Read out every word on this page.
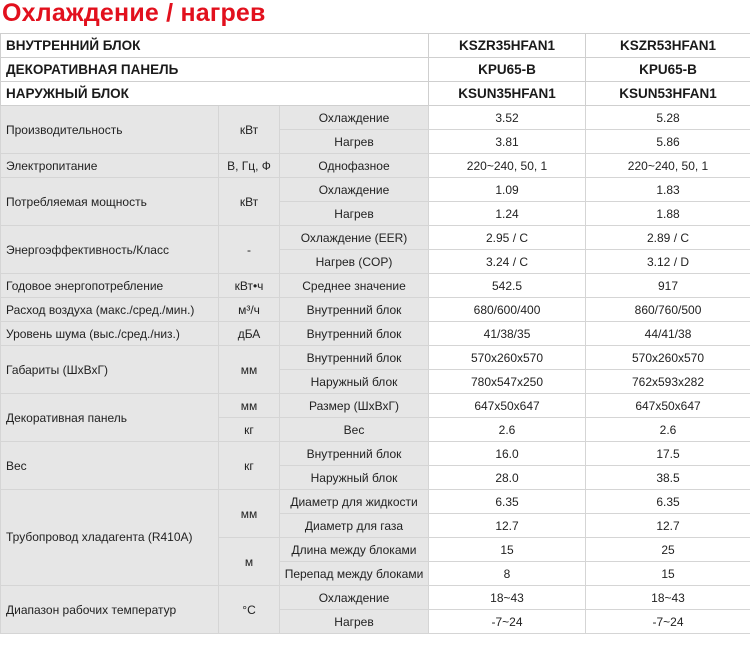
Охлаждение / нагрев
ВНУТРЕННИЙ БЛОК			KSZR35HFAN1	KSZR53HFAN1
ДЕКОРАТИВНАЯ ПАНЕЛЬ			KPU65-B	KPU65-B
НАРУЖНЫЙ БЛОК			KSUN35HFAN1	KSUN53HFAN1
Производительность	кВт	Охлаждение	3.52	5.28
		Нагрев	3.81	5.86
Электропитание	В, Гц, Ф	Однофазное	220~240, 50, 1	220~240, 50, 1
Потребляемая мощность	кВт	Охлаждение	1.09	1.83
		Нагрев	1.24	1.88
Энергоэффективность/Класс	-	Охлаждение (EER)	2.95 / C	2.89 / C
		Нагрев (COP)	3.24 / C	3.12 / D
Годовое энергопотребление	кВт•ч	Среднее значение	542.5	917
Расход воздуха (макс./сред./мин.)	м³/ч	Внутренний блок	680/600/400	860/760/500
Уровень шума (выс./сред./низ.)	дБА	Внутренний блок	41/38/35	44/41/38
Габариты (ШхВхГ)	мм	Внутренний блок	570x260x570	570x260x570
		Наружный блок	780x547x250	762x593x282
Декоративная панель	мм	Размер (ШхВхГ)	647x50x647	647x50x647
	кг	Вес	2.6	2.6
Вес	кг	Внутренний блок	16.0	17.5
		Наружный блок	28.0	38.5
Трубопровод хладагента (R410A)	мм	Диаметр для жидкости	6.35	6.35
		Диаметр для газа	12.7	12.7
	м	Длина между блоками	15	25
		Перепад между блоками	8	15
Диапазон рабочих температур	°C	Охлаждение	18~43	18~43
		Нагрев	-7~24	-7~24
